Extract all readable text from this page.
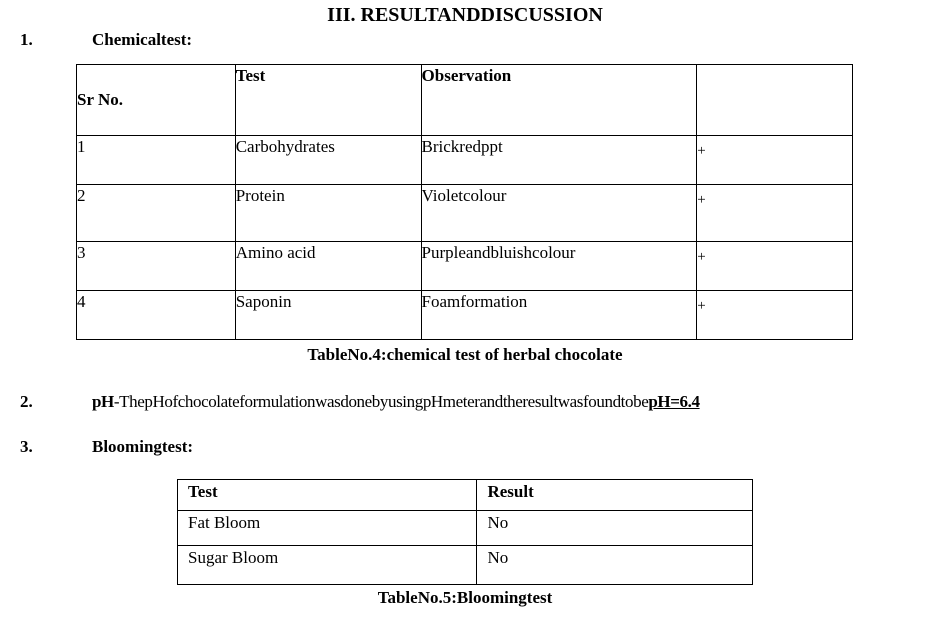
III. RESULTANDDISCUSSION
1.	Chemicaltest:
Sr No.	Test	Observation	
1	Carbohydrates	Brickredppt	+
2	Protein	Violetcolour	+
3	Amino acid	Purpleandbluishcolour	+
4	Saponin	Foamformation	+
TableNo.4:chemical test of herbal chocolate
2.	pH-ThepHofchocolateformulationwasdonebyusingpHmeterandtheresultwasfoundtobepH=6.4
3.	Bloomingtest:
Test	Result
Fat Bloom	No
Sugar Bloom	No
TableNo.5:Bloomingtest
